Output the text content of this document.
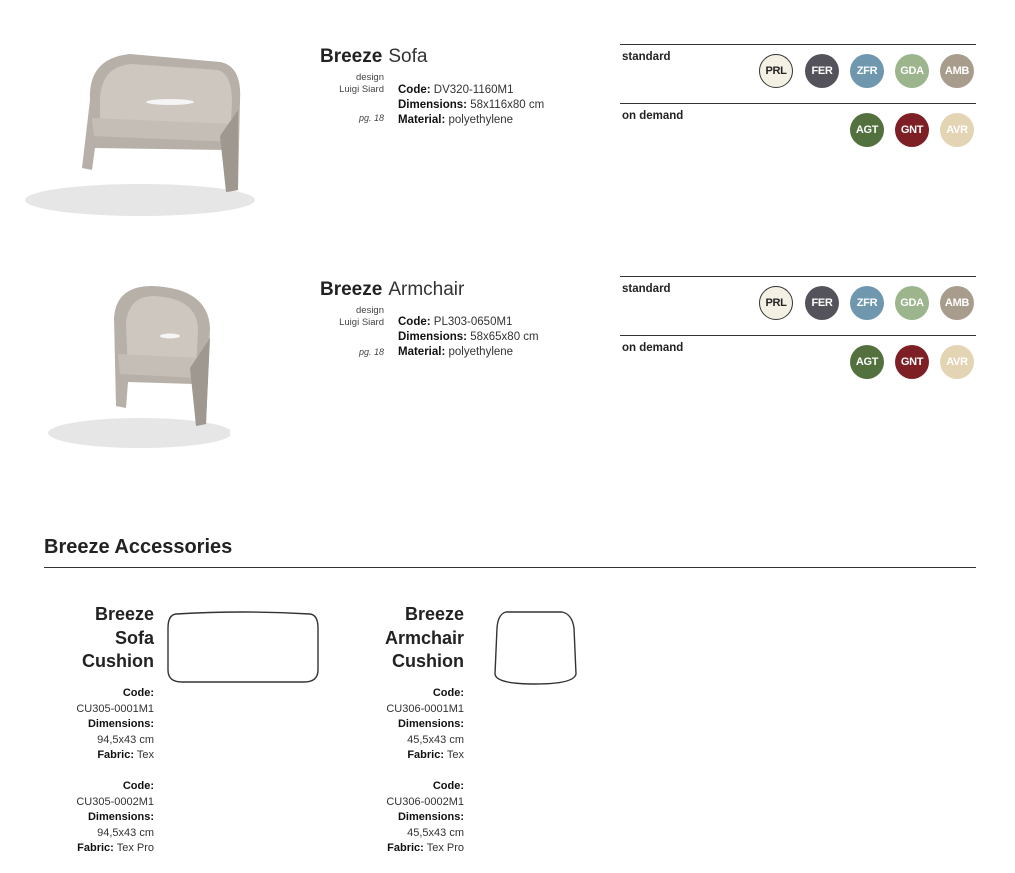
Breeze Sofa
design
Luigi Siard
pg. 18
Code: DV320-1160M1
Dimensions: 58x116x80 cm
Material: polyethylene
standard
on demand
PRL FER ZFR GDA AMB
AGT GNT AVR
Breeze Armchair
design
Luigi Siard
pg. 18
Code: PL303-0650M1
Dimensions: 58x65x80 cm
Material: polyethylene
standard
on demand
PRL FER ZFR GDA AMB
AGT GNT AVR
Breeze Accessories
Breeze
Sofa
Cushion
Code:
CU305-0001M1
Dimensions:
94,5x43 cm
Fabric: Tex
Code:
CU305-0002M1
Dimensions:
94,5x43 cm
Fabric: Tex Pro
Breeze
Armchair
Cushion
Code:
CU306-0001M1
Dimensions:
45,5x43 cm
Fabric: Tex
Code:
CU306-0002M1
Dimensions:
45,5x43 cm
Fabric: Tex Pro
